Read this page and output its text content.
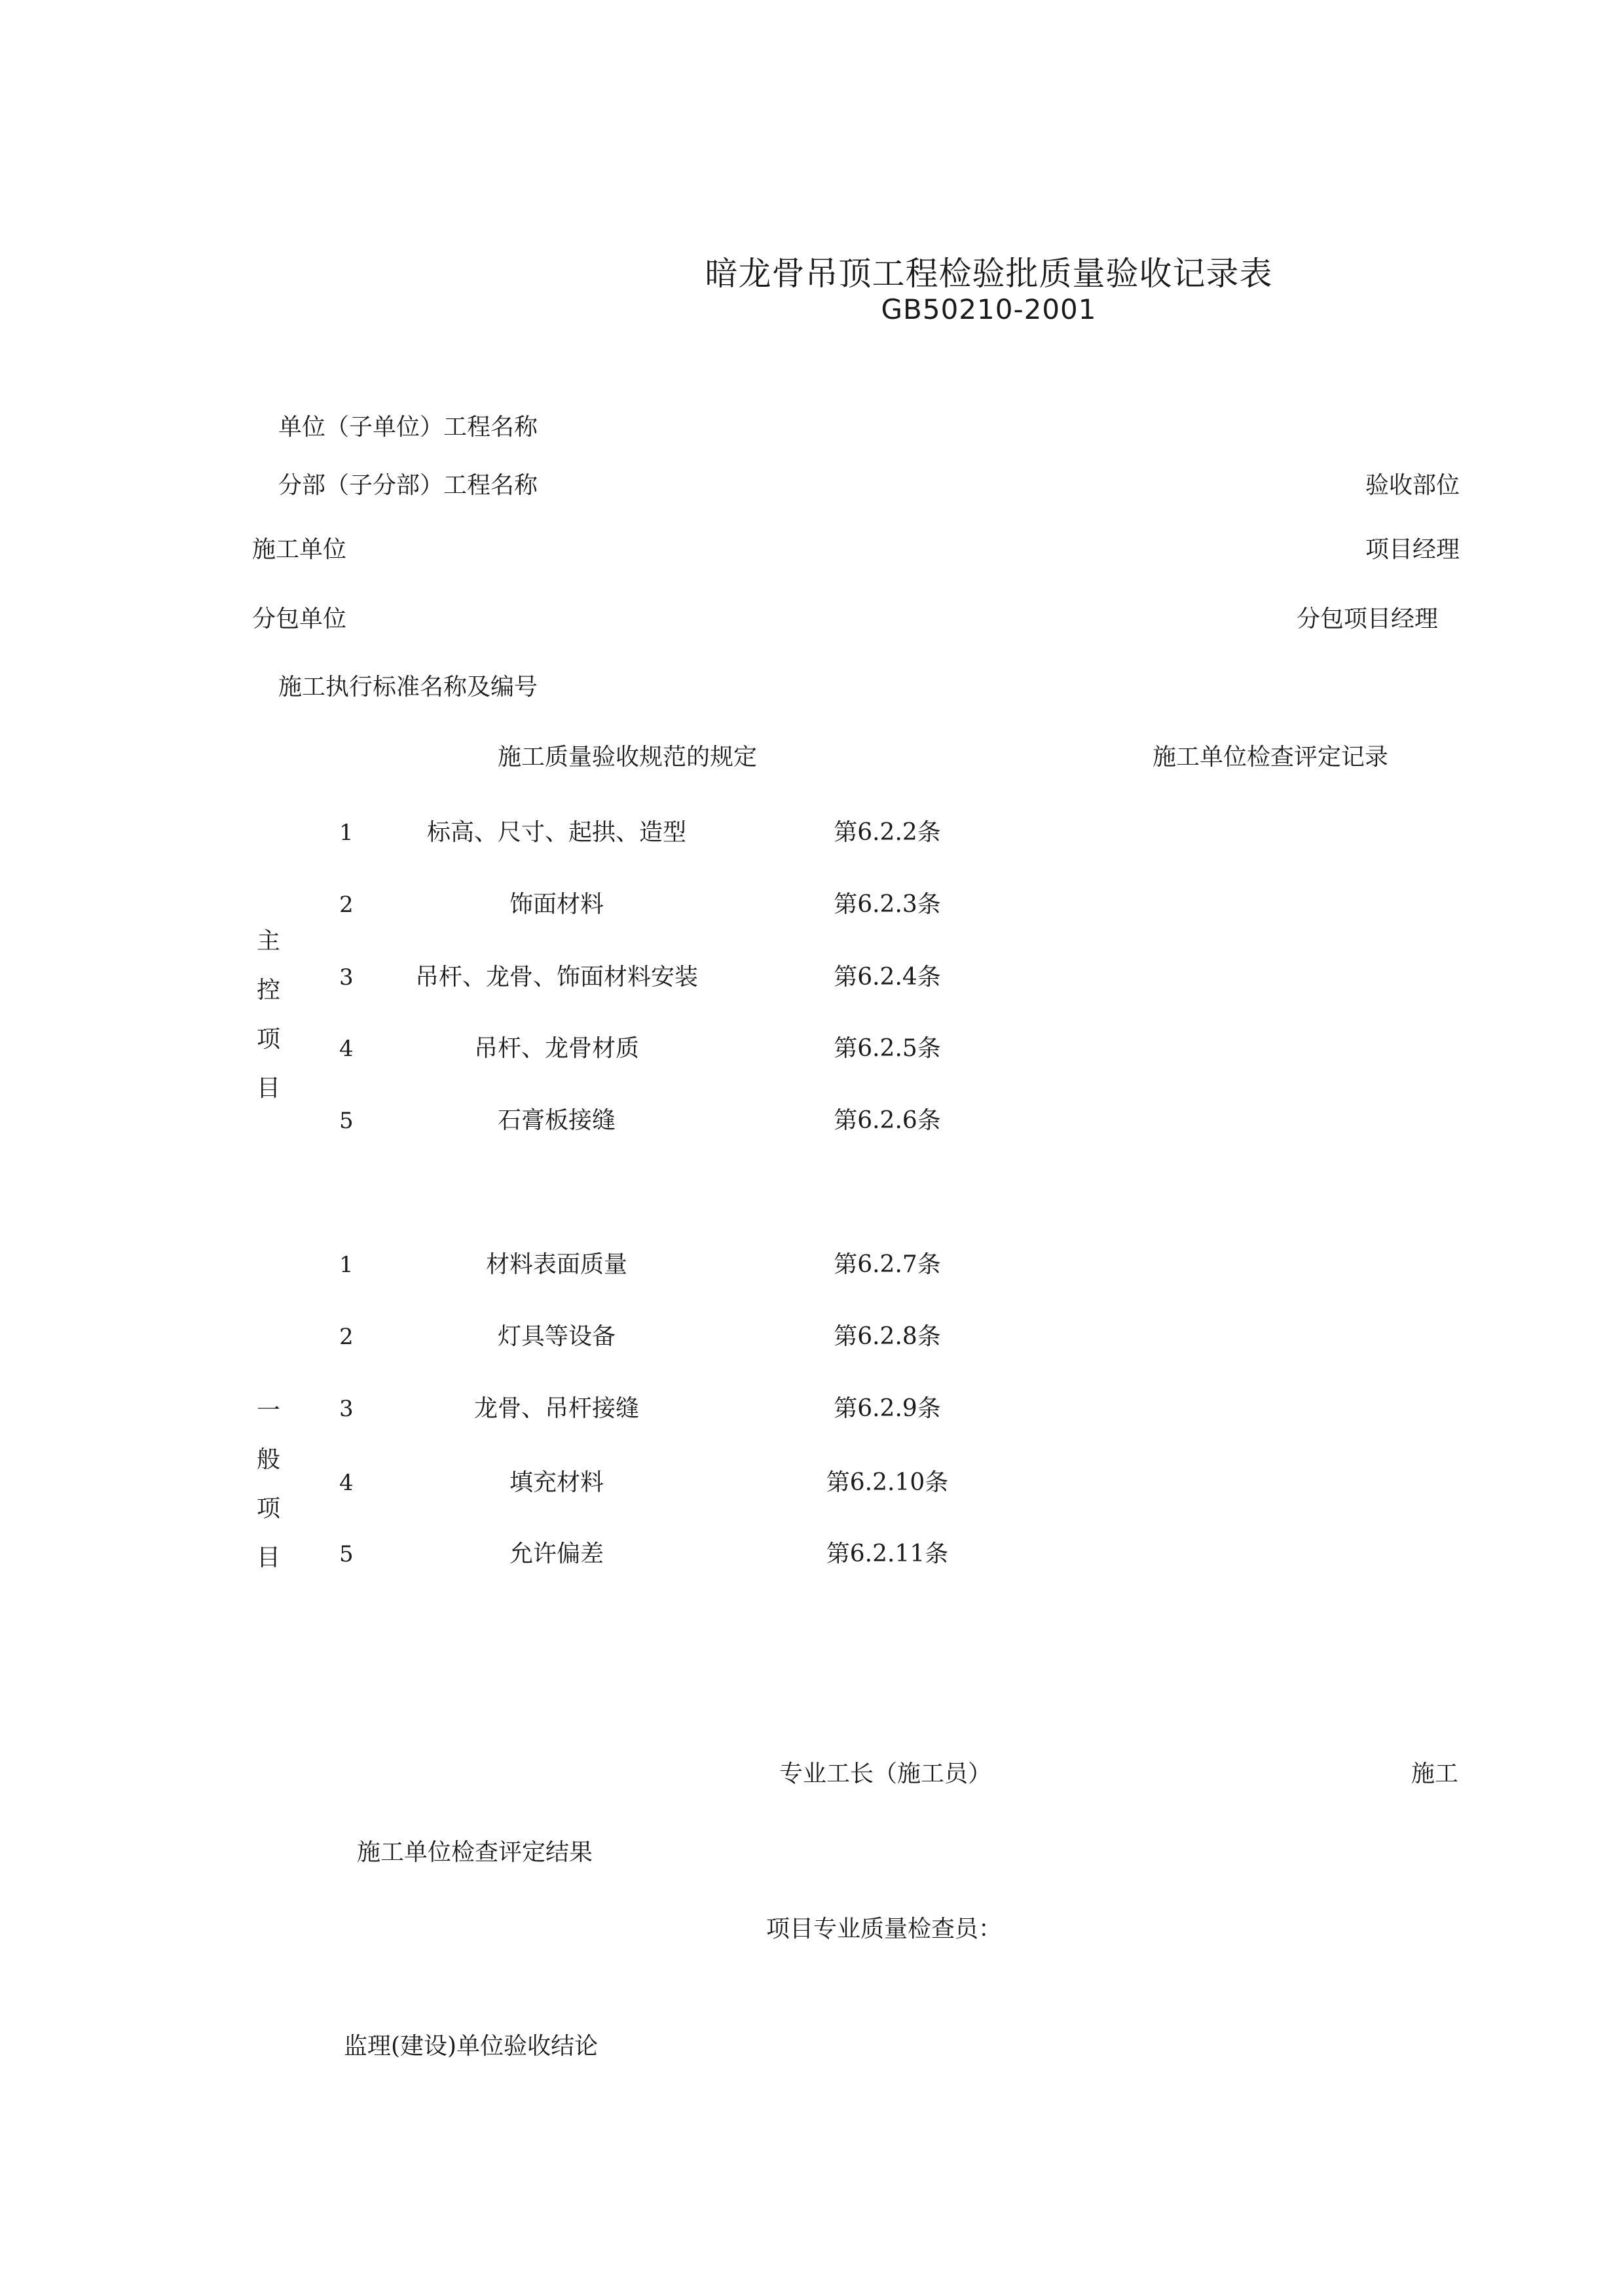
暗龙骨吊顶工程检验批质量验收记录表
GB50210-2001
单位（子单位）工程名称
分部（子分部）工程名称	验收部位
施工单位	项目经理
分包单位	分包项目经理
施工执行标准名称及编号
施工质量验收规范的规定	施工单位检查评定记录
主
控
项
目
1	标高、尺寸、起拱、造型	第6.2.2条
2	饰面材料	第6.2.3条
3	吊杆、龙骨、饰面材料安装	第6.2.4条
4	吊杆、龙骨材质	第6.2.5条
5	石膏板接缝	第6.2.6条
一
般
项
目
1	材料表面质量	第6.2.7条
2	灯具等设备	第6.2.8条
3	龙骨、吊杆接缝	第6.2.9条
4	填充材料	第6.2.10条
5	允许偏差	第6.2.11条
专业工长（施工员）	施工
施工单位检查评定结果
项目专业质量检查员：
监理(建设)单位验收结论
